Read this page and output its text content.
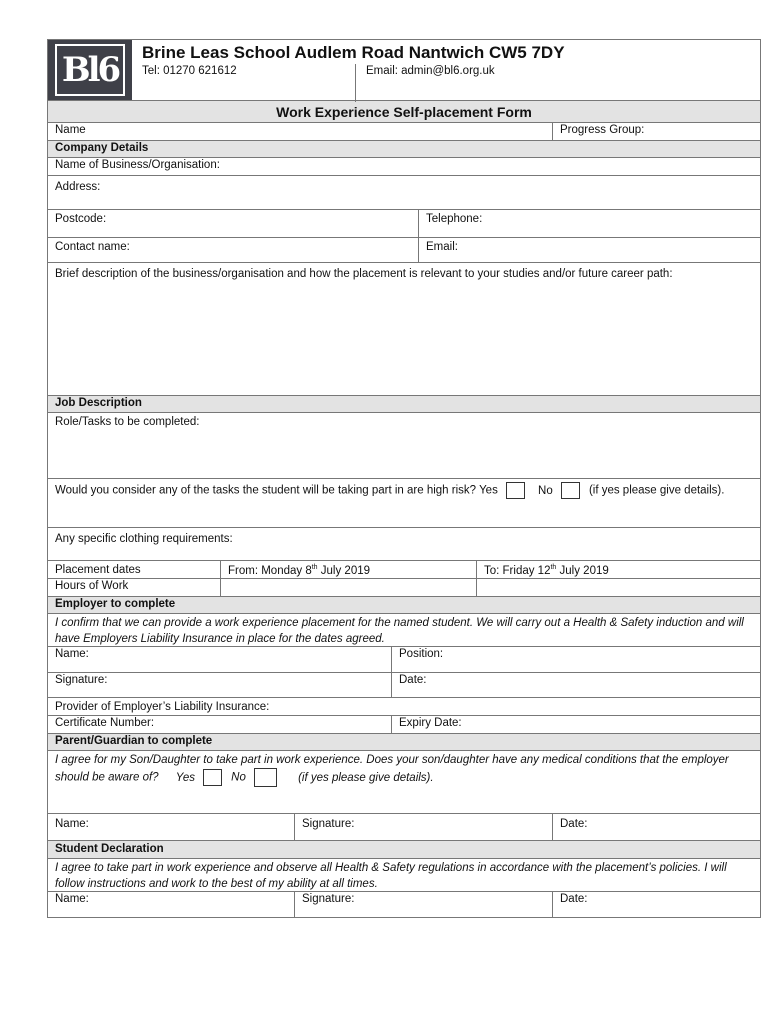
Bl6	Brine Leas School Audlem Road Nantwich CW5 7DY
Tel: 01270 621612	Email: admin@bl6.org.uk
Work Experience Self-placement Form
Name	Progress Group:
Company Details
Name of Business/Organisation:
Address:
Postcode:	Telephone:
Contact name:	Email:
Brief description of the business/organisation and how the placement is relevant to your studies and/or future career path:
Job Description
Role/Tasks to be completed:
Would you consider any of the tasks the student will be taking part in are high risk? Yes	No	(if yes please give details).
Any specific clothing requirements:
Placement dates	From: Monday 8th July 2019	To: Friday 12th July 2019
Hours of Work
Employer to complete
I confirm that we can provide a work experience placement for the named student. We will carry out a Health & Safety induction and will have Employers Liability Insurance in place for the dates agreed.
Name:	Position:
Signature:	Date:
Provider of Employer’s Liability Insurance:
Certificate Number:	Expiry Date:
Parent/Guardian to complete
I agree for my Son/Daughter to take part in work experience. Does your son/daughter have any medical conditions that the employer should be aware of? Yes	No	(if yes please give details).
Name:	Signature:	Date:
Student Declaration
I agree to take part in work experience and observe all Health & Safety regulations in accordance with the placement’s policies. I will follow instructions and work to the best of my ability at all times.
Name:	Signature:	Date:
